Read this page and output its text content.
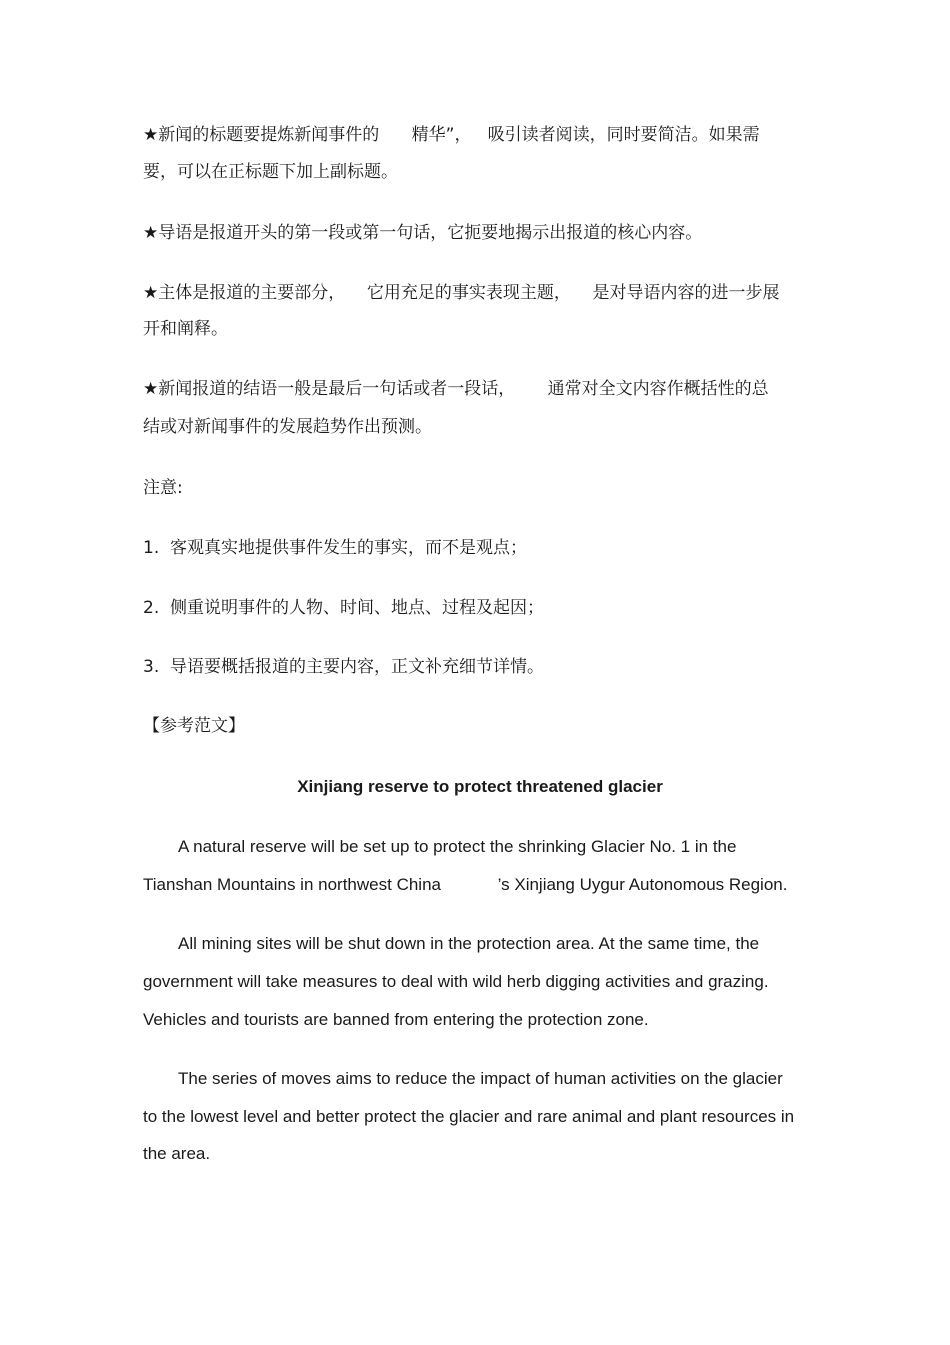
★新闻的标题要提炼新闻事件的      精华”，   吸引读者阅读，同时要简洁。如果需

要，可以在正标题下加上副标题。

★导语是报道开头的第一段或第一句话，它扼要地揭示出报道的核心内容。

★主体是报道的主要部分，    它用充足的事实表现主题，    是对导语内容的进一步展

开和阐释。

★新闻报道的结语一般是最后一句话或者一段话，      通常对全文内容作概括性的总

结或对新闻事件的发展趋势作出预测。

注意:

1.  客观真实地提供事件发生的事实，而不是观点；

2.  侧重说明事件的人物、时间、地点、过程及起因；

3.  导语要概括报道的主要内容，正文补充细节详情。

【参考范文】

Xinjiang reserve to protect threatened glacier

A natural reserve will be set up to protect the shrinking Glacier No. 1 in the

Tianshan Mountains in northwest China            ’s Xinjiang Uygur Autonomous Region.

All mining sites will be shut down in the protection area. At the same time, the

government will take measures to deal with wild herb digging activities and grazing.

Vehicles and tourists are banned from entering the protection zone.

The series of moves aims to reduce the impact of human activities on the glacier

to the lowest level and better protect the glacier and rare animal and plant resources in

the area.
